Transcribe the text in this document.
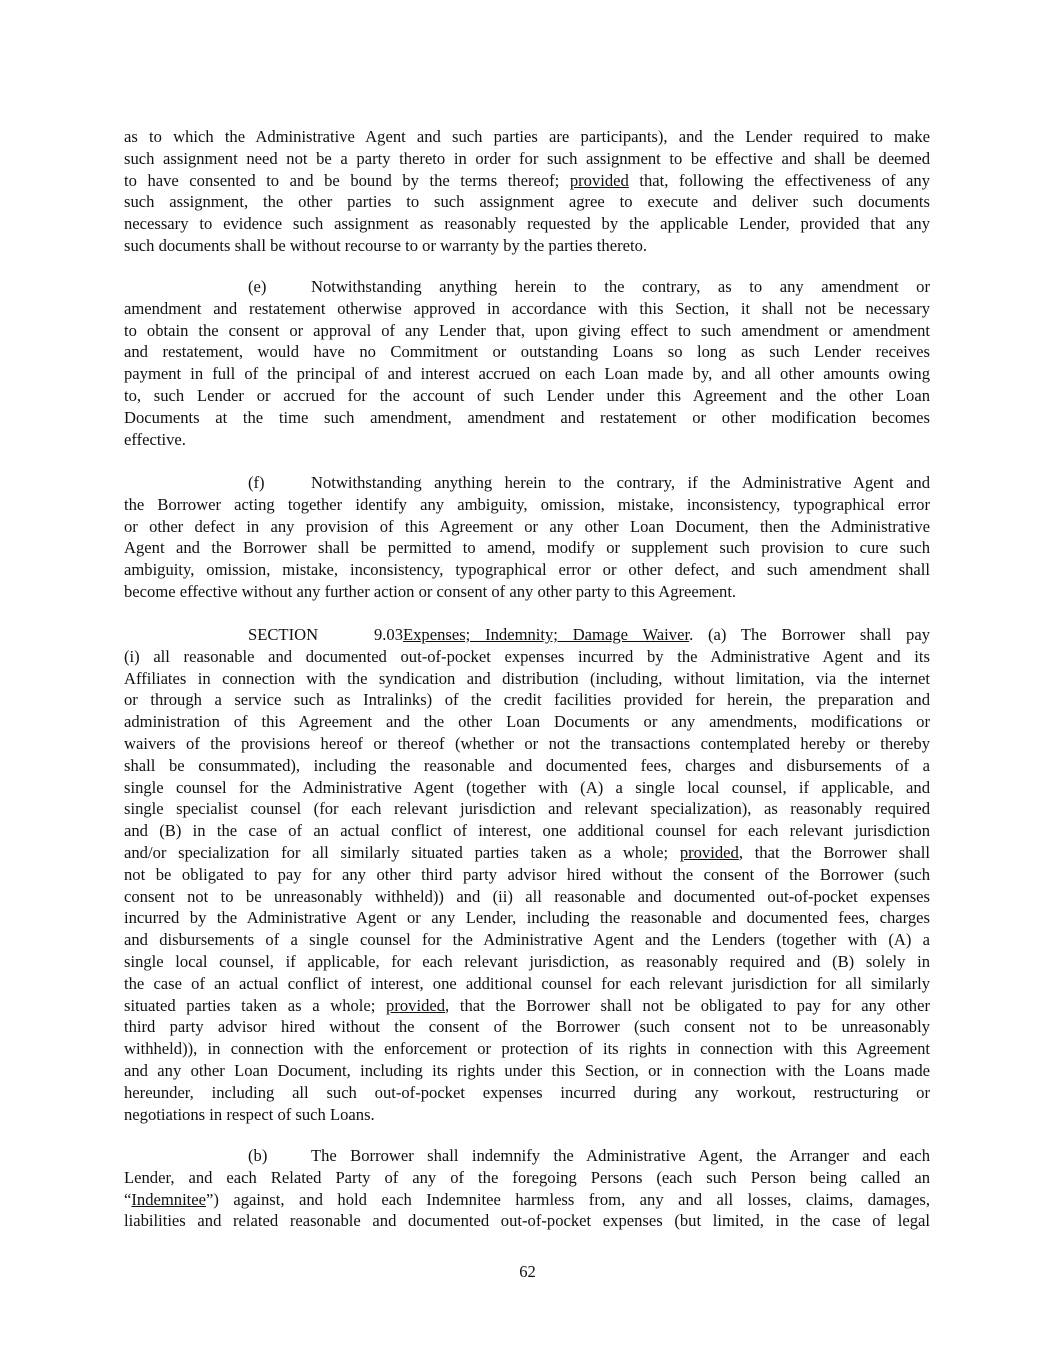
as to which the Administrative Agent and such parties are participants), and the Lender required to make
such assignment need not be a party thereto in order for such assignment to be effective and shall be deemed
to have consented to and be bound by the terms thereof; provided that, following the effectiveness of any
such assignment, the other parties to such assignment agree to execute and deliver such documents
necessary to evidence such assignment as reasonably requested by the applicable Lender, provided that any
such documents shall be without recourse to or warranty by the parties thereto.
(e)	Notwithstanding anything herein to the contrary, as to any amendment or
amendment and restatement otherwise approved in accordance with this Section, it shall not be necessary
to obtain the consent or approval of any Lender that, upon giving effect to such amendment or amendment
and restatement, would have no Commitment or outstanding Loans so long as such Lender receives
payment in full of the principal of and interest accrued on each Loan made by, and all other amounts owing
to, such Lender or accrued for the account of such Lender under this Agreement and the other Loan
Documents at the time such amendment, amendment and restatement or other modification becomes
effective.
(f)	Notwithstanding anything herein to the contrary, if the Administrative Agent and
the Borrower acting together identify any ambiguity, omission, mistake, inconsistency, typographical error
or other defect in any provision of this Agreement or any other Loan Document, then the Administrative
Agent and the Borrower shall be permitted to amend, modify or supplement such provision to cure such
ambiguity, omission, mistake, inconsistency, typographical error or other defect, and such amendment shall
become effective without any further action or consent of any other party to this Agreement.
SECTION 9.03Expenses; Indemnity; Damage Waiver. (a) The Borrower shall pay
(i) all reasonable and documented out-of-pocket expenses incurred by the Administrative Agent and its
Affiliates in connection with the syndication and distribution (including, without limitation, via the internet
or through a service such as Intralinks) of the credit facilities provided for herein, the preparation and
administration of this Agreement and the other Loan Documents or any amendments, modifications or
waivers of the provisions hereof or thereof (whether or not the transactions contemplated hereby or thereby
shall be consummated), including the reasonable and documented fees, charges and disbursements of a
single counsel for the Administrative Agent (together with (A) a single local counsel, if applicable, and
single specialist counsel (for each relevant jurisdiction and relevant specialization), as reasonably required
and (B) in the case of an actual conflict of interest, one additional counsel for each relevant jurisdiction
and/or specialization for all similarly situated parties taken as a whole; provided, that the Borrower shall
not be obligated to pay for any other third party advisor hired without the consent of the Borrower (such
consent not to be unreasonably withheld)) and (ii) all reasonable and documented out-of-pocket expenses
incurred by the Administrative Agent or any Lender, including the reasonable and documented fees, charges
and disbursements of a single counsel for the Administrative Agent and the Lenders (together with (A) a
single local counsel, if applicable, for each relevant jurisdiction, as reasonably required and (B) solely in
the case of an actual conflict of interest, one additional counsel for each relevant jurisdiction for all similarly
situated parties taken as a whole; provided, that the Borrower shall not be obligated to pay for any other
third party advisor hired without the consent of the Borrower (such consent not to be unreasonably
withheld)), in connection with the enforcement or protection of its rights in connection with this Agreement
and any other Loan Document, including its rights under this Section, or in connection with the Loans made
hereunder, including all such out-of-pocket expenses incurred during any workout, restructuring or
negotiations in respect of such Loans.
(b)	The Borrower shall indemnify the Administrative Agent, the Arranger and each
Lender, and each Related Party of any of the foregoing Persons (each such Person being called an
“Indemnitee”) against, and hold each Indemnitee harmless from, any and all losses, claims, damages,
liabilities and related reasonable and documented out-of-pocket expenses (but limited, in the case of legal
62
